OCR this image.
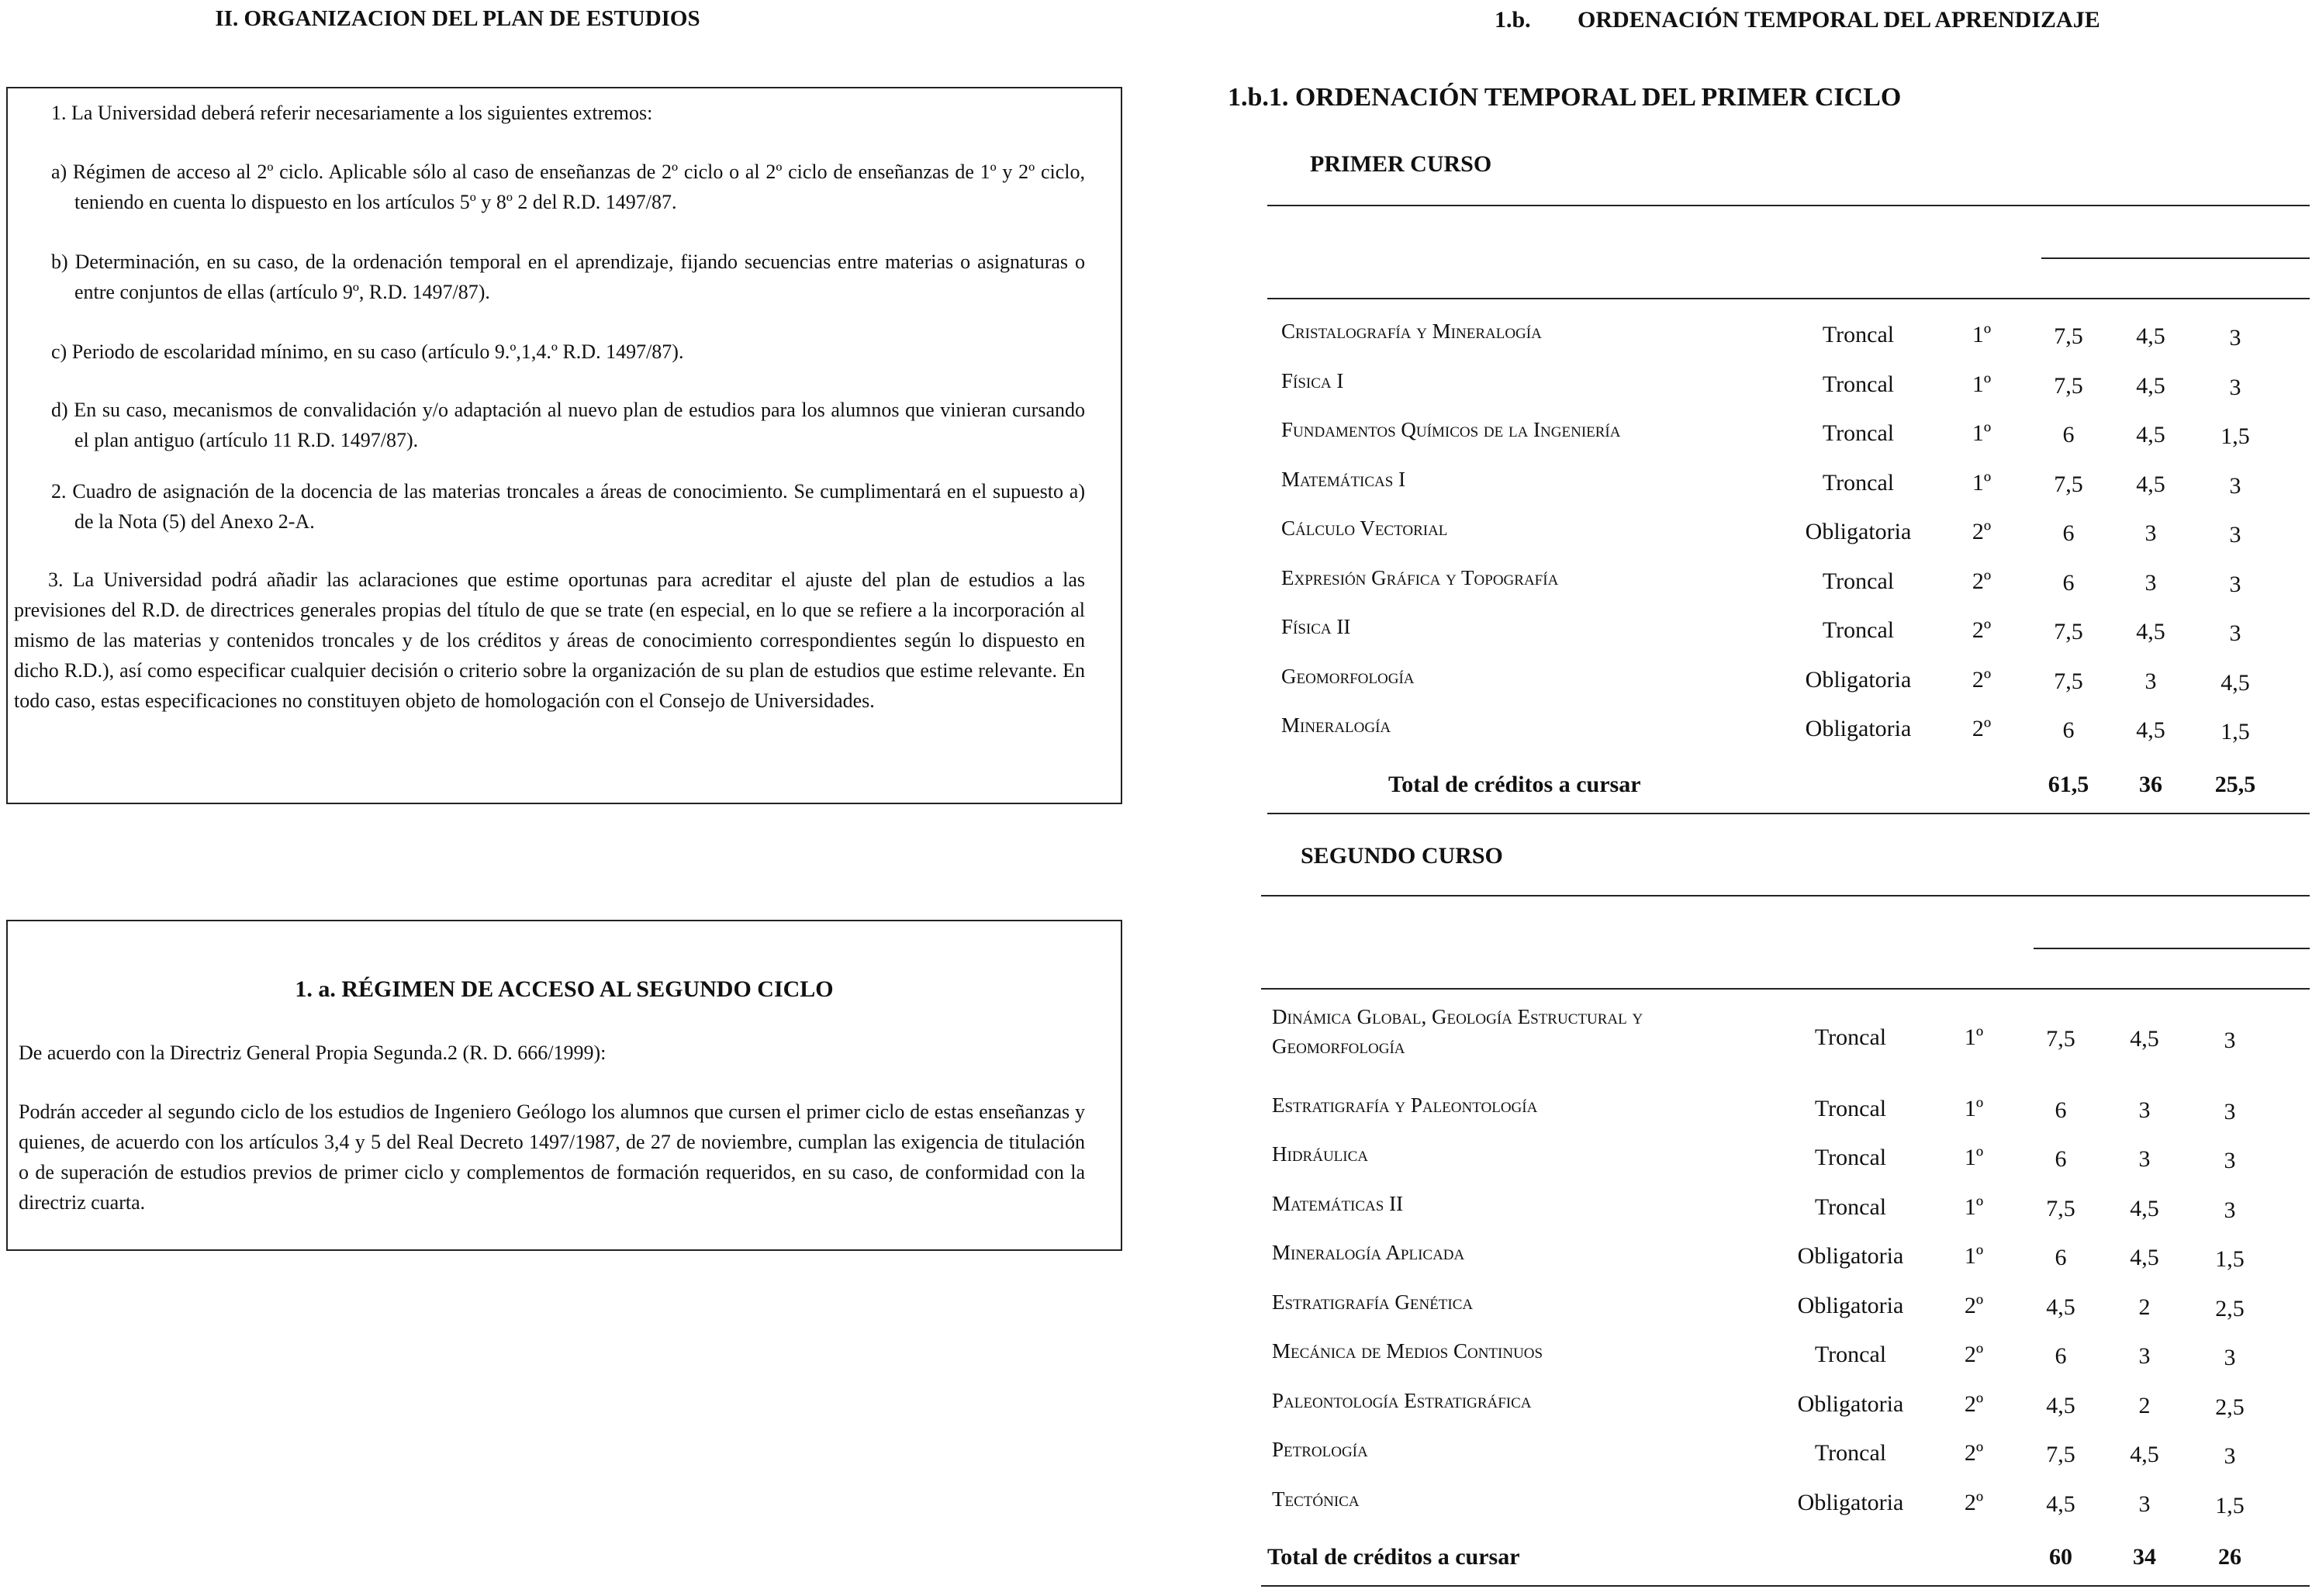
II. ORGANIZACION DEL PLAN DE ESTUDIOS
1. La Universidad deberá referir necesariamente a los siguientes extremos:
a) Régimen de acceso al 2º ciclo. Aplicable sólo al caso de enseñanzas de 2º ciclo o al 2º ciclo de enseñanzas de 1º y 2º ciclo, teniendo en cuenta lo dispuesto en los artículos 5º y 8º 2 del R.D. 1497/87.
b) Determinación, en su caso, de la ordenación temporal en el aprendizaje, fijando secuencias entre materias o asignaturas o entre conjuntos de ellas (artículo 9º, R.D. 1497/87).
c) Periodo de escolaridad mínimo, en su caso (artículo 9.º,1,4.º R.D. 1497/87).
d) En su caso, mecanismos de convalidación y/o adaptación al nuevo plan de estudios para los alumnos que vinieran cursando el plan antiguo (artículo 11 R.D. 1497/87).
2. Cuadro de asignación de la docencia de las materias troncales a áreas de conocimiento. Se cumplimentará en el supuesto a) de la Nota (5) del Anexo 2-A.
3. La Universidad podrá añadir las aclaraciones que estime oportunas para acreditar el ajuste del plan de estudios a las previsiones del R.D. de directrices generales propias del título de que se trate (en especial, en lo que se refiere a la incorporación al mismo de las materias y contenidos troncales y de los créditos y áreas de conocimiento correspondientes según lo dispuesto en dicho R.D.), así como especificar cualquier decisión o criterio sobre la organización de su plan de estudios que estime relevante. En todo caso, estas especificaciones no constituyen objeto de homologación con el Consejo de Universidades.
1. a. RÉGIMEN DE ACCESO AL SEGUNDO CICLO
De acuerdo con la Directriz General Propia Segunda.2 (R. D. 666/1999):
Podrán acceder al segundo ciclo de los estudios de Ingeniero Geólogo los alumnos que cursen el primer ciclo de estas enseñanzas y quienes, de acuerdo con los artículos 3,4 y 5 del Real Decreto 1497/1987, de 27 de noviembre, cumplan las exigencia de titulación o de superación de estudios previos de primer ciclo y complementos de formación requeridos, en su caso, de conformidad con la directriz cuarta.
1.b. ORDENACIÓN TEMPORAL DEL APRENDIZAJE
1.b.1. ORDENACIÓN TEMPORAL DEL PRIMER CICLO
PRIMER CURSO
Cristalografía y Mineralogía	Troncal	1º	7,5	4,5	3
Física I	Troncal	1º	7,5	4,5	3
Fundamentos Químicos de la Ingeniería	Troncal	1º	6	4,5	1,5
Matemáticas I	Troncal	1º	7,5	4,5	3
Cálculo Vectorial	Obligatoria	2º	6	3	3
Expresión Gráfica y Topografía	Troncal	2º	6	3	3
Física II	Troncal	2º	7,5	4,5	3
Geomorfología	Obligatoria	2º	7,5	3	4,5
Mineralogía	Obligatoria	2º	6	4,5	1,5
Total de créditos a cursar	61,5	36	25,5
SEGUNDO CURSO
Dinámica Global, Geología Estructural y
Geomorfología	Troncal	1º	7,5	4,5	3
Estratigrafía y Paleontología	Troncal	1º	6	3	3
Hidráulica	Troncal	1º	6	3	3
Matemáticas II	Troncal	1º	7,5	4,5	3
Mineralogía Aplicada	Obligatoria	1º	6	4,5	1,5
Estratigrafía Genética	Obligatoria	2º	4,5	2	2,5
Mecánica de Medios Continuos	Troncal	2º	6	3	3
Paleontología Estratigráfica	Obligatoria	2º	4,5	2	2,5
Petrología	Troncal	2º	7,5	4,5	3
Tectónica	Obligatoria	2º	4,5	3	1,5
Total de créditos a cursar	60	34	26
